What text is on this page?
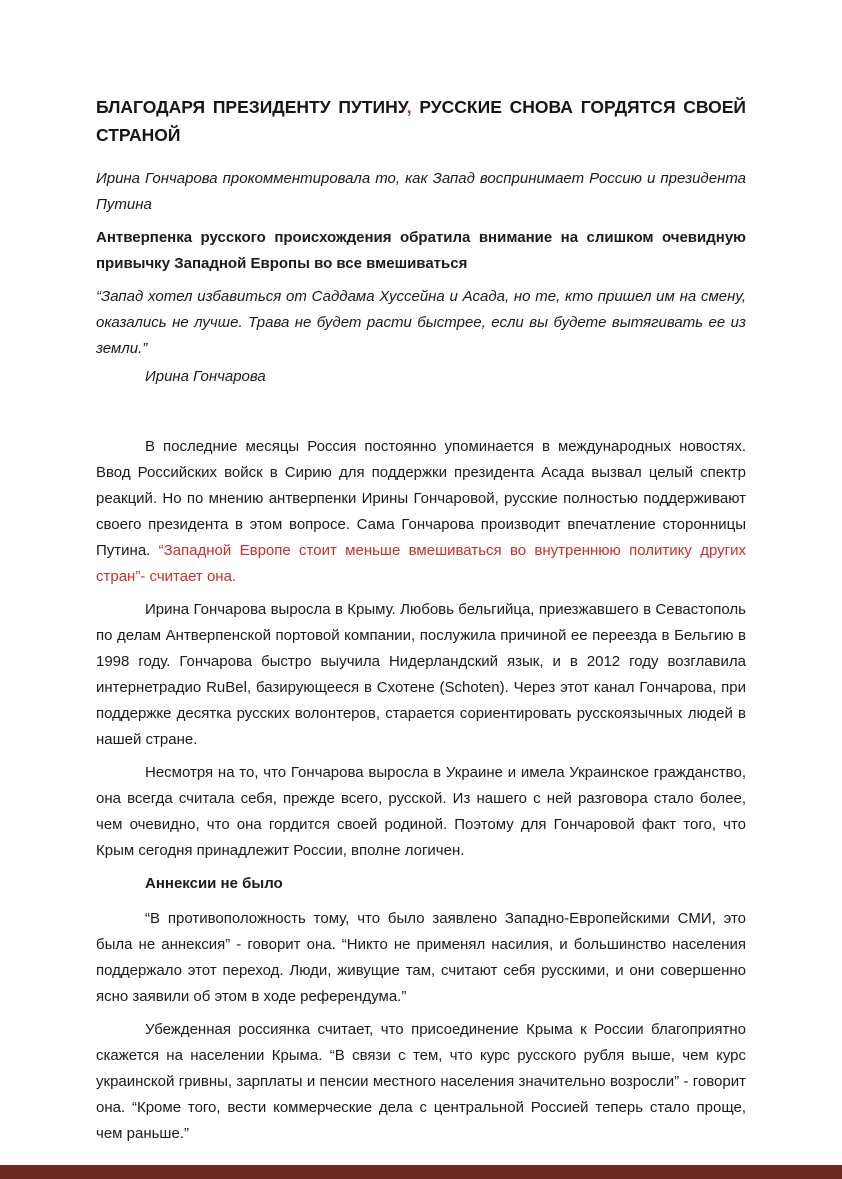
БЛАГОДАРЯ ПРЕЗИДЕНТУ ПУТИНУ, РУССКИЕ СНОВА ГОРДЯТСЯ СВОЕЙ СТРАНОЙ

Ирина Гончарова прокомментировала то, как Запад воспринимает Россию и президента Путина

Антверпенка русского происхождения обратила внимание на слишком очевидную привычку Западной Европы во все вмешиваться

“Запад хотел избавиться от Саддама Хуссейна и Асада, но те, кто пришел им на смену, оказались не лучше. Трава не будет расти быстрее, если вы будете вытягивать ее из земли.”

Ирина Гончарова

В последние месяцы Россия постоянно упоминается в международных новостях. Ввод Российских войск в Сирию для поддержки президента Асада вызвал целый спектр реакций. Но по мнению антверпенки Ирины Гончаровой, русские полностью поддерживают своего президента в этом вопросе. Сама Гончарова производит впечатление сторонницы Путина. “Западной Европе стоит меньше вмешиваться во внутреннюю политику других стран”- считает она.

Ирина Гончарова выросла в Крыму. Любовь бельгийца, приезжавшего в Севастополь по делам Антверпенской портовой компании, послужила причиной ее переезда в Бельгию в 1998 году. Гончарова быстро выучила Нидерландский язык, и в 2012 году возглавила интернетрадио RuBel, базирующееся в Схотене (Schoten). Через этот канал Гончарова, при поддержке десятка русских волонтеров, старается сориентировать русскоязычных людей в нашей стране.

Несмотря на то, что Гончарова выросла в Украине и имела Украинское гражданство, она всегда считала себя, прежде всего, русской. Из нашего с ней разговора стало более, чем очевидно, что она гордится своей родиной. Поэтому для Гончаровой факт того, что Крым сегодня принадлежит России, вполне логичен.

Аннексии не было

“В противоположность тому, что было заявлено Западно-Европейскими СМИ, это была не аннексия” - говорит она. “Никто не применял насилия, и большинство населения поддержало этот переход. Люди, живущие там, считают себя русскими, и они совершенно ясно заявили об этом в ходе референдума.”

Убежденная россиянка считает, что присоединение Крыма к России благоприятно скажется на населении Крыма. “В связи с тем, что курс русского рубля выше, чем курс украинской гривны, зарплаты и пенсии местного населения значительно возросли” - говорит она. “Кроме того, вести коммерческие дела с центральной Россией теперь стало проще, чем раньше.”
